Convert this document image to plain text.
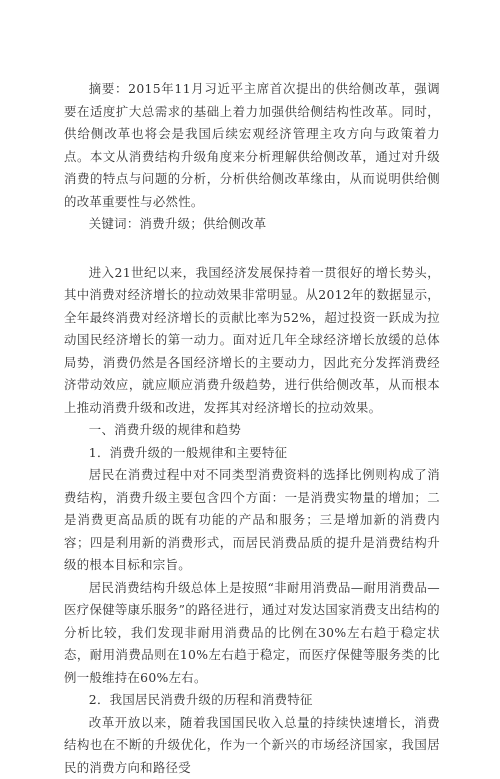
摘要：2015年11月习近平主席首次提出的供给侧改革，强调要在适度扩大总需求的基础上着力加强供给侧结构性改革。同时，供给侧改革也将会是我国后续宏观经济管理主攻方向与政策着力点。本文从消费结构升级角度来分析理解供给侧改革，通过对升级消费的特点与问题的分析，分析供给侧改革缘由，从而说明供给侧的改革重要性与必然性。

关键词：消费升级；供给侧改革

进入21世纪以来，我国经济发展保持着一贯很好的增长势头，其中消费对经济增长的拉动效果非常明显。从2012年的数据显示，全年最终消费对经济增长的贡献比率为52%，超过投资一跃成为拉动国民经济增长的第一动力。面对近几年全球经济增长放缓的总体局势，消费仍然是各国经济增长的主要动力，因此充分发挥消费经济带动效应，就应顺应消费升级趋势，进行供给侧改革，从而根本上推动消费升级和改进，发挥其对经济增长的拉动效果。

一、消费升级的规律和趋势

1．消费升级的一般规律和主要特征

居民在消费过程中对不同类型消费资料的选择比例则构成了消费结构，消费升级主要包含四个方面：一是消费实物量的增加；二是消费更高品质的既有功能的产品和服务；三是增加新的消费内容；四是利用新的消费形式，而居民消费品质的提升是消费结构升级的根本目标和宗旨。

居民消费结构升级总体上是按照“非耐用消费品—耐用消费品—医疗保健等康乐服务”的路径进行，通过对发达国家消费支出结构的分析比较，我们发现非耐用消费品的比例在30%左右趋于稳定状态，耐用消费品则在10%左右趋于稳定，而医疗保健等服务类的比例一般维持在60%左右。

2．我国居民消费升级的历程和消费特征

改革开放以来，随着我国国民收入总量的持续快速增长，消费结构也在不断的升级优化，作为一个新兴的市场经济国家，我国居民的消费方向和路径受
